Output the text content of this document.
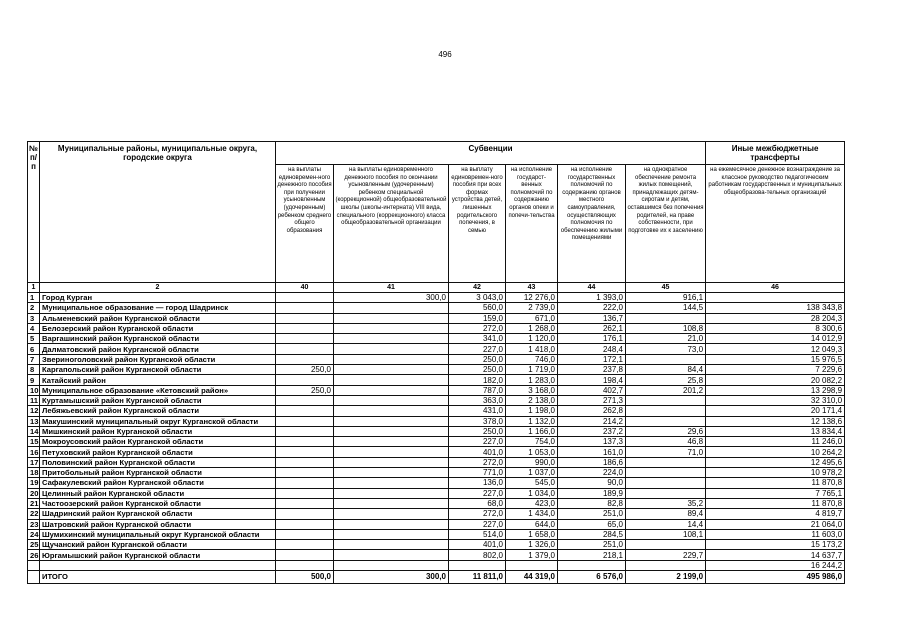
496
№ п/п	Муниципальные районы, муниципальные округа, городские округа	Субвенции						Иные межбюджетные трансферты
		на выплаты единовремен-ного денежного пособия при получении усыновленным (удочеренным) ребенком среднего общего образования	на выплаты единовременного денежного пособия по окончании усыновленным (удочеренным) ребенком специальной (коррекционной) общеобразовательной школы (школы-интерната) VIII вида, специального (коррекционного) класса общеобразовательной организации	на выплату единовремен-ного пособия при всех формах устройства детей, лишенных родительского попечения, в семью	на исполнение государст-венных полномочий по содержанию органов опеки и попечи-тельства	на исполнение государственных полномочий по содержанию органов местного самоуправления, осуществляющих полномочия по обеспечению жилыми помещениями	на однократное обеспечение ремонта жилых помещений, принадлежащих детям-сиротам и детям, оставшимся без попечения родителей, на праве собственности, при подготовке их к заселению	на ежемесячное денежное вознаграждение за классное руководство педагогическим работникам государственных и муниципальных общеобразова-тельных организаций
1	2	40	41	42	43	44	45	46
1	Город Курган		300,0	3 043,0	12 276,0	1 393,0	916,1	
2	Муниципальное образование — город Шадринск			560,0	2 739,0	222,0	144,5	138 343,8
3	Альменевский район Курганской области			159,0	671,0	136,7		28 204,3
4	Белозерский район Курганской области			272,0	1 268,0	262,1	108,8	8 300,6
5	Варгашинский район Курганской области			341,0	1 120,0	176,1	21,0	14 012,9
6	Далматовский район Курганской области			227,0	1 418,0	248,4	73,0	12 049,3
7	Звериноголовский район Курганской области			250,0	746,0	172,1		15 976,5
8	Каргапольский район Курганской области	250,0		250,0	1 719,0	237,8	84,4	7 229,6
9	Катайский район			182,0	1 283,0	198,4	25,8	20 082,2
10	Муниципальное образование «Кетовский район»	250,0		787,0	3 168,0	402,7	201,2	13 298,9
11	Куртамышский район Курганской области			363,0	2 138,0	271,3		32 310,0
12	Лебяжьевский район Курганской области			431,0	1 198,0	262,8		20 171,4
13	Макушинский муниципальный округ Курганской области			378,0	1 132,0	214,2		12 138,6
14	Мишкинский район Курганской области			250,0	1 166,0	237,2	29,6	13 834,4
15	Мокроусовский район Курганской области			227,0	754,0	137,3	46,8	11 246,0
16	Петуховский район Курганской области			401,0	1 053,0	161,0	71,0	10 264,2
17	Половинский район Курганской области			272,0	990,0	186,6		12 495,6
18	Притобольный район Курганской области			771,0	1 037,0	224,0		10 978,2
19	Сафакулевский район Курганской области			136,0	545,0	90,0		11 870,8
20	Целинный район Курганской области			227,0	1 034,0	189,9		7 765,1
21	Частоозерский район Курганской области			68,0	423,0	82,8	35,2	11 870,8
22	Шадринский район Курганской области			272,0	1 434,0	251,0	89,4	4 819,7
23	Шатровский район Курганской области			227,0	644,0	65,0	14,4	21 064,0
24	Шумихинский муниципальный округ Курганской области			514,0	1 658,0	284,5	108,1	11 603,0
25	Щучанский район Курганской области			401,0	1 326,0	251,0		15 173,2
26	Юргамышский район Курганской области			802,0	1 379,0	218,1	229,7	14 637,7
								16 244,2
	ИТОГО	500,0	300,0	11 811,0	44 319,0	6 576,0	2 199,0	495 986,0
